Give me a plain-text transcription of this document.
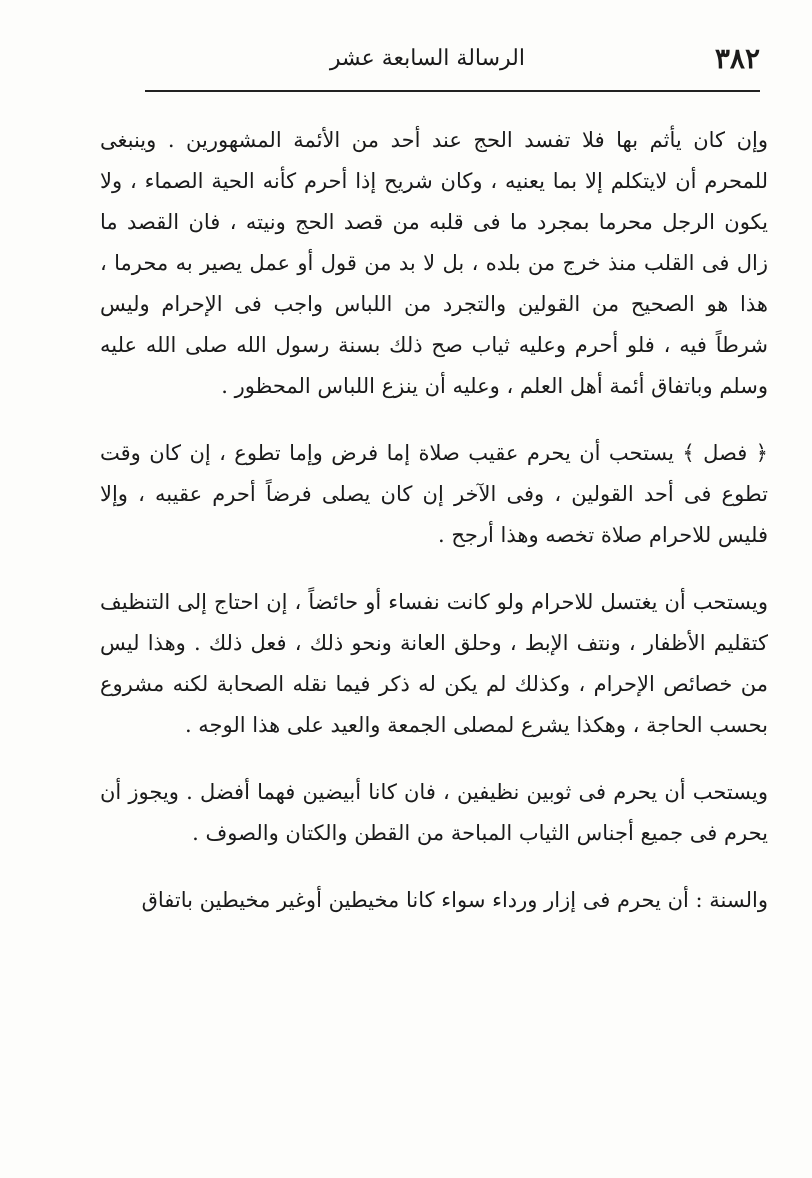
٣٨٢
الرسالة السابعة عشر

وإن كان يأثم بها فلا تفسد الحج عند أحد من الأئمة المشهورين . وينبغى للمحرم أن لايتكلم إلا بما يعنيه ، وكان شريح إذا أحرم كأنه الحية الصماء ، ولا يكون الرجل محرما بمجرد ما فى قلبه من قصد الحج ونيته ، فان القصد ما زال فى القلب منذ خرج من بلده ، بل لا بد من قول أو عمل يصير به محرما ، هذا هو الصحيح من القولين والتجرد من اللباس واجب فى الإحرام وليس شرطاً فيه ، فلو أحرم وعليه ثياب صح ذلك بسنة رسول الله صلى الله عليه وسلم وباتفاق أئمة أهل العلم ، وعليه أن ينزع اللباس المحظور .

﴿ فصل ﴾ يستحب أن يحرم عقيب صلاة إما فرض وإما تطوع ، إن كان وقت تطوع فى أحد القولين ، وفى الآخر إن كان يصلى فرضاً أحرم عقيبه ، وإلا فليس للاحرام صلاة تخصه وهذا أرجح .

ويستحب أن يغتسل للاحرام ولو كانت نفساء أو حائضاً ، إن احتاج إلى التنظيف كتقليم الأظفار ، ونتف الإبط ، وحلق العانة ونحو ذلك ، فعل ذلك . وهذا ليس من خصائص الإحرام ، وكذلك لم يكن له ذكر فيما نقله الصحابة لكنه مشروع بحسب الحاجة ، وهكذا يشرع لمصلى الجمعة والعيد على هذا الوجه .

ويستحب أن يحرم فى ثوبين نظيفين ، فان كانا أبيضين فهما أفضل . ويجوز أن يحرم فى جميع أجناس الثياب المباحة من القطن والكتان والصوف .

والسنة : أن يحرم فى إزار ورداء سواء كانا مخيطين أوغير مخيطين باتفاق
